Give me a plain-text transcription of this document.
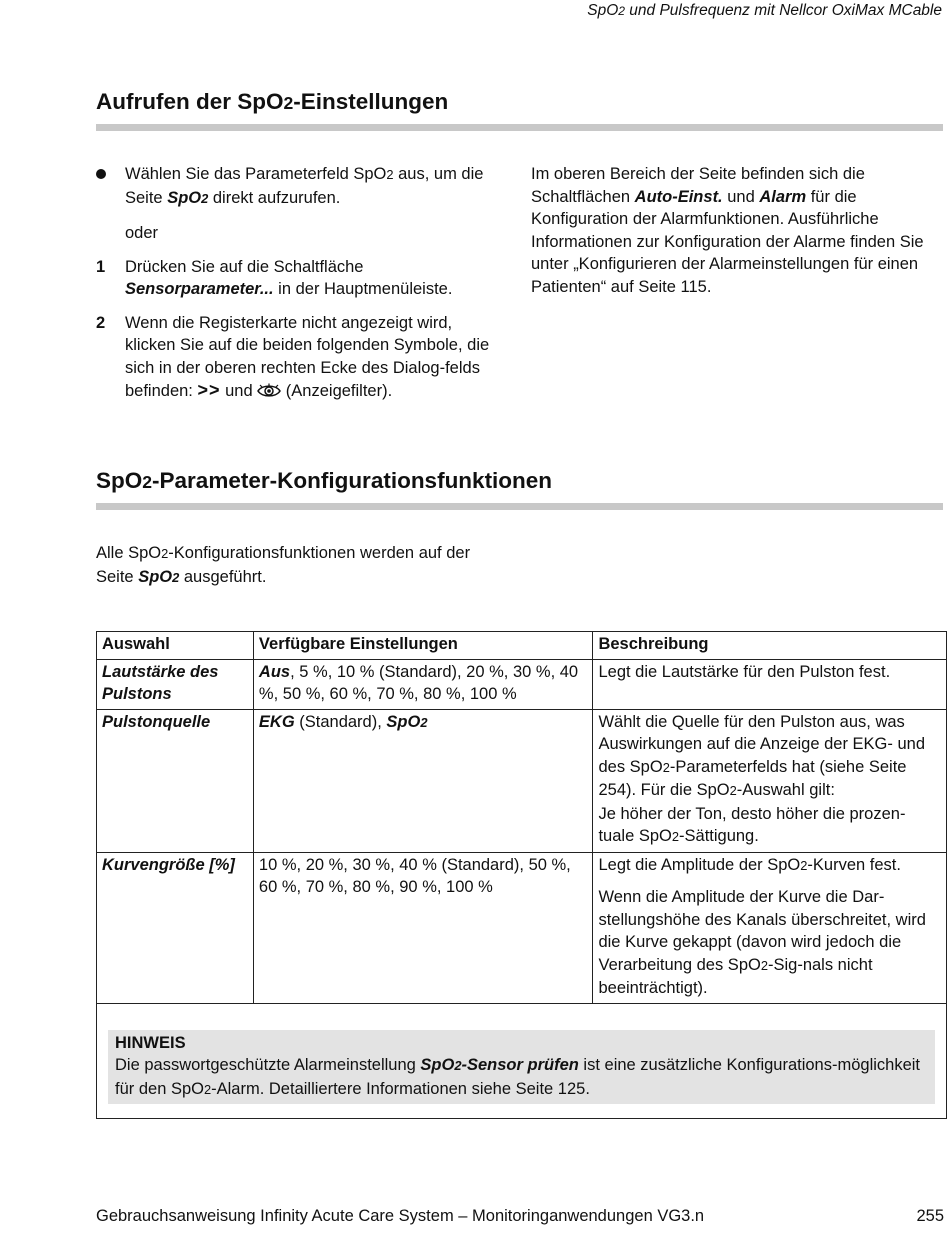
SpO2 und Pulsfrequenz mit Nellcor OxiMax MCable
Aufrufen der SpO2-Einstellungen
Wählen Sie das Parameterfeld SpO2 aus, um die Seite SpO2 direkt aufzurufen.
oder
1 Drücken Sie auf die Schaltfläche Sensorparameter... in der Hauptmenüleiste.
2 Wenn die Registerkarte nicht angezeigt wird, klicken Sie auf die beiden folgenden Symbole, die sich in der oberen rechten Ecke des Dialog-felds befinden: >> und  (Anzeigefilter).
Im oberen Bereich der Seite befinden sich die Schaltflächen Auto-Einst. und Alarm für die Konfiguration der Alarmfunktionen. Ausführliche Informationen zur Konfiguration der Alarme finden Sie unter „Konfigurieren der Alarmeinstellungen für einen Patienten“ auf Seite 115.
SpO2-Parameter-Konfigurationsfunktionen
Alle SpO2-Konfigurationsfunktionen werden auf der Seite SpO2 ausgeführt.
Auswahl	Verfügbare Einstellungen	Beschreibung
Lautstärke des Pulstons	Aus, 5 %, 10 % (Standard), 20 %, 30 %, 40 %, 50 %, 60 %, 70 %, 80 %, 100 %	Legt die Lautstärke für den Pulston fest.
Pulstonquelle	EKG (Standard), SpO2	Wählt die Quelle für den Pulston aus, was Auswirkungen auf die Anzeige der EKG- und des SpO2-Parameterfelds hat (siehe Seite 254). Für die SpO2-Auswahl gilt:
Je höher der Ton, desto höher die prozen-tuale SpO2-Sättigung.
Kurvengröße [%]	10 %, 20 %, 30 %, 40 % (Standard), 50 %, 60 %, 70 %, 80 %, 90 %, 100 %	Legt die Amplitude der SpO2-Kurven fest.
Wenn die Amplitude der Kurve die Dar-stellungshöhe des Kanals überschreitet, wird die Kurve gekappt (davon wird jedoch die Verarbeitung des SpO2-Sig-nals nicht beeinträchtigt).

HINWEIS
Die passwortgeschützte Alarmeinstellung SpO2-Sensor prüfen ist eine zusätzliche Konfigurations-möglichkeit für den SpO2-Alarm. Detailliertere Informationen siehe Seite 125.		
Gebrauchsanweisung Infinity Acute Care System – Monitoringanwendungen VG3.n	255
